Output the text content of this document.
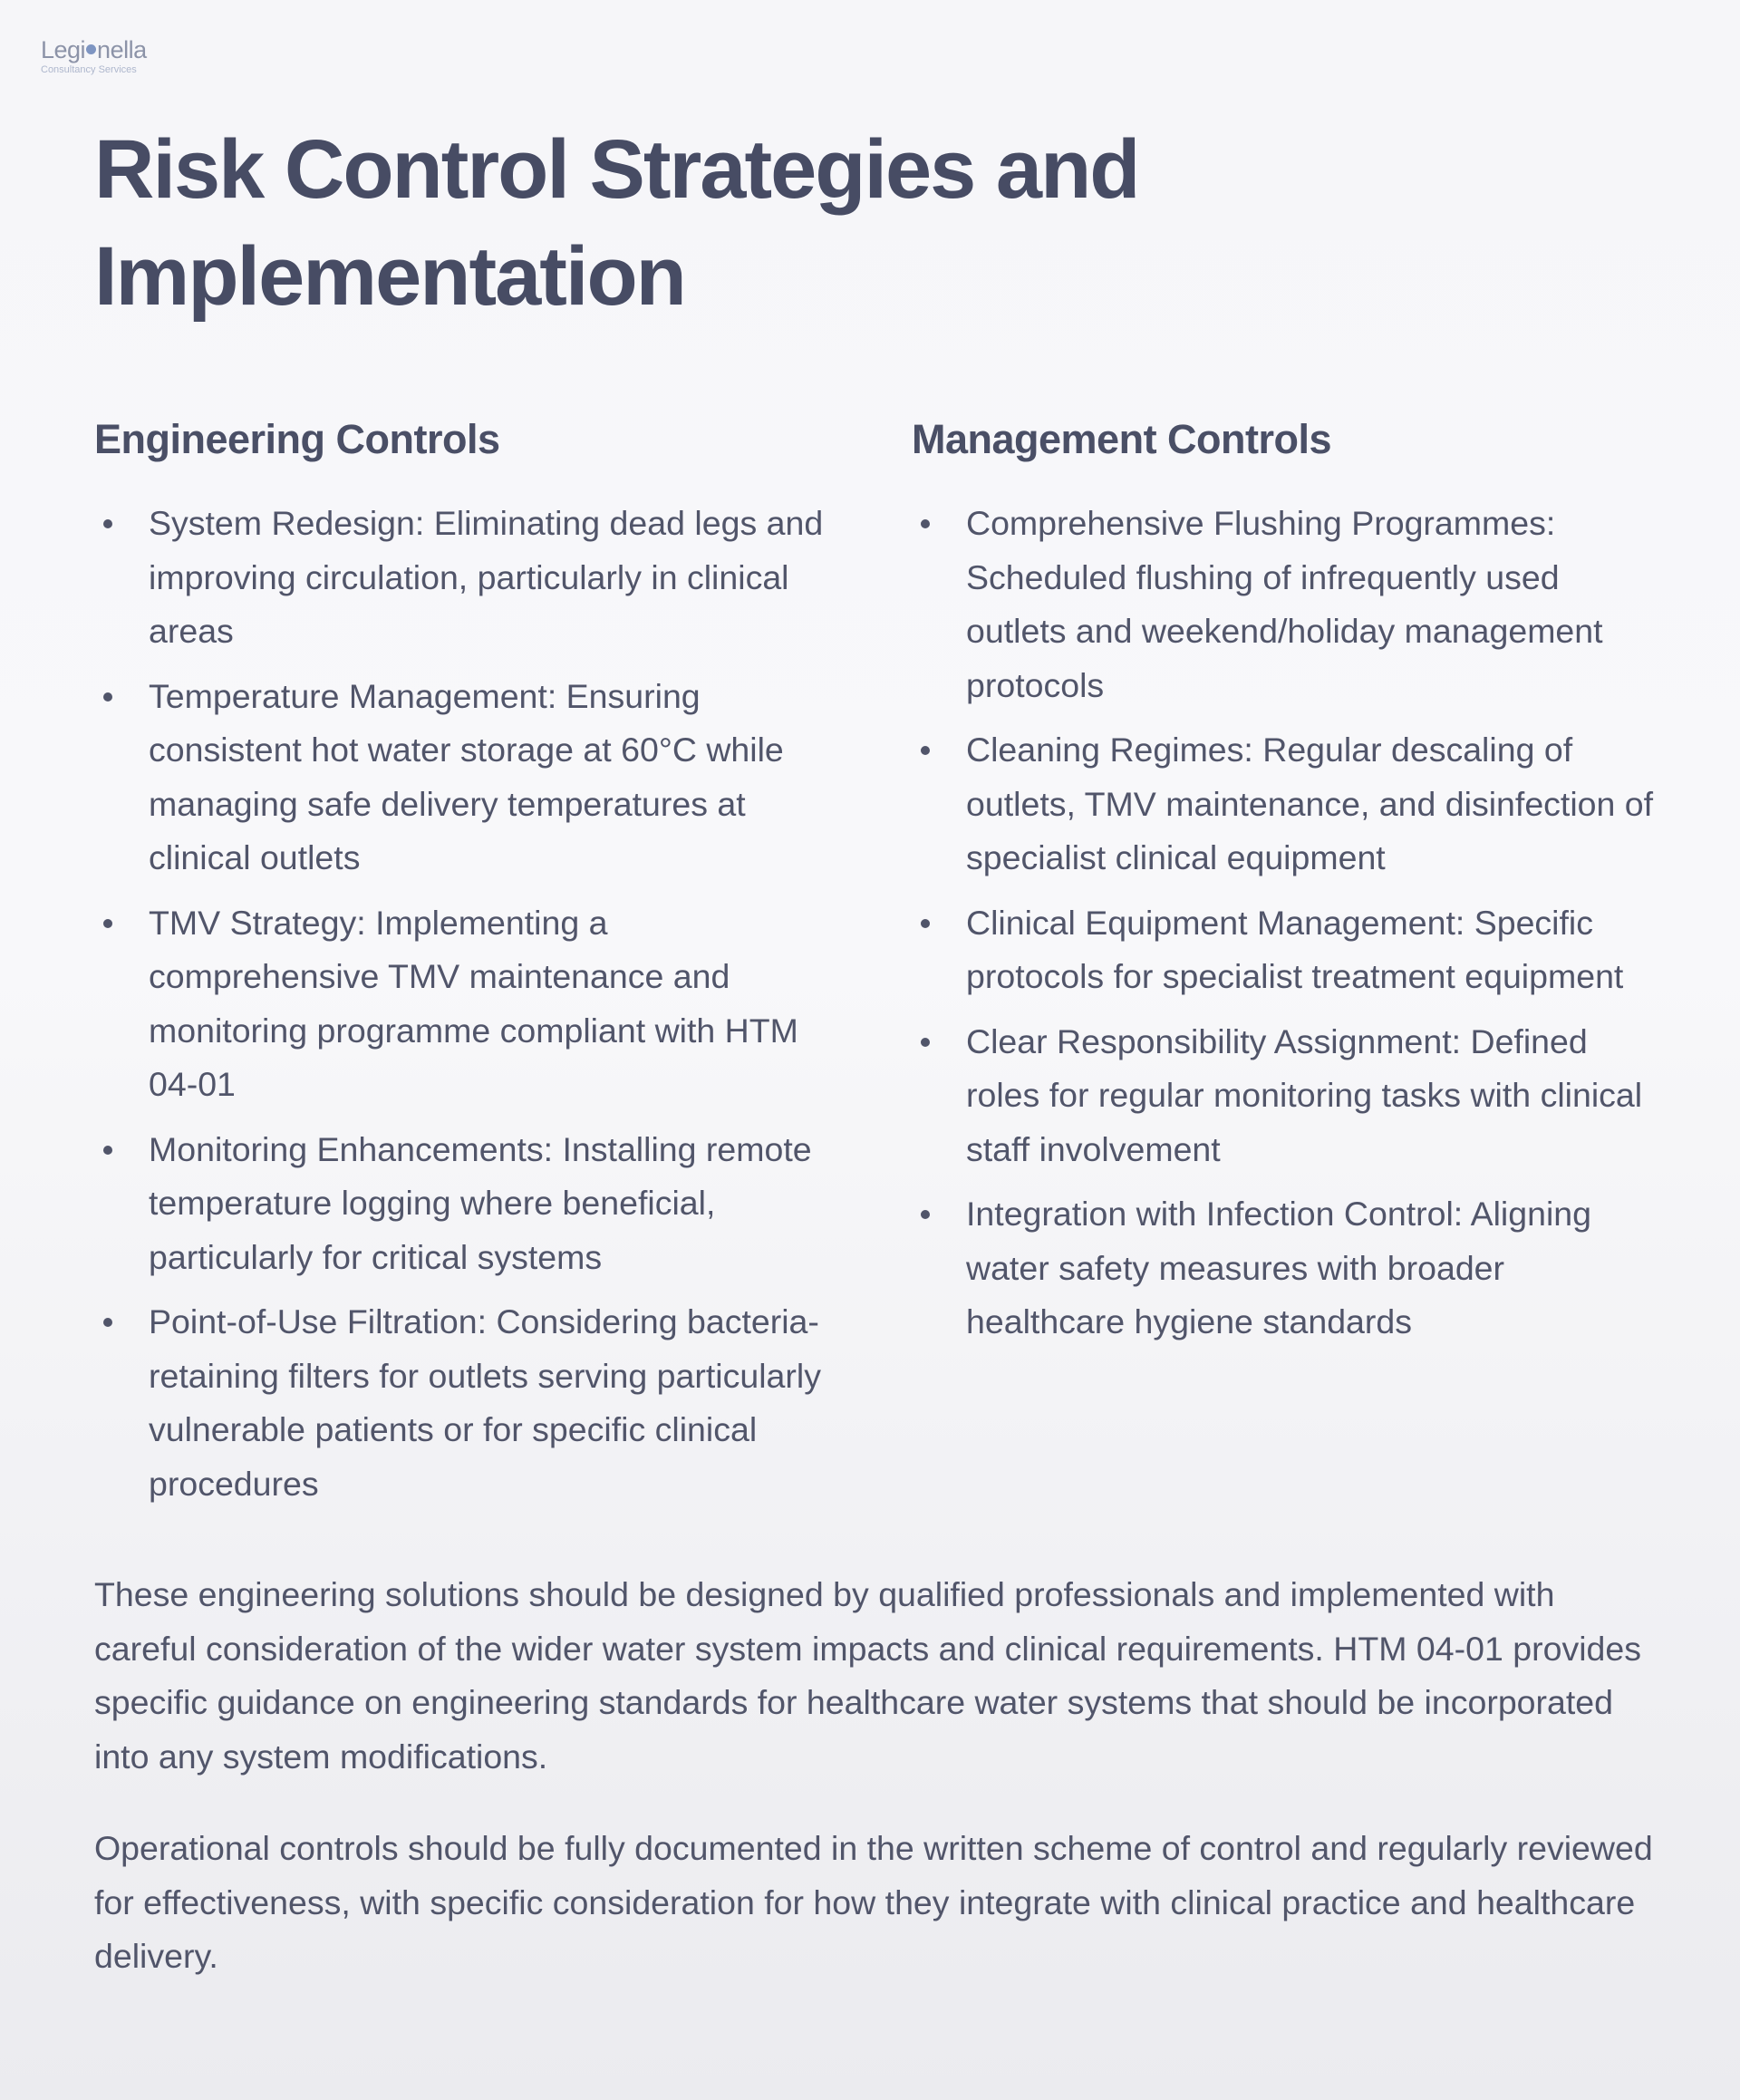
Legi nella
Consultancy Services
Risk Control Strategies and Implementation
Engineering Controls
System Redesign: Eliminating dead legs and improving circulation, particularly in clinical areas
Temperature Management: Ensuring consistent hot water storage at 60°C while managing safe delivery temperatures at clinical outlets
TMV Strategy: Implementing a comprehensive TMV maintenance and monitoring programme compliant with HTM 04-01
Monitoring Enhancements: Installing remote temperature logging where beneficial, particularly for critical systems
Point-of-Use Filtration: Considering bacteria-retaining filters for outlets serving particularly vulnerable patients or for specific clinical procedures
Management Controls
Comprehensive Flushing Programmes: Scheduled flushing of infrequently used outlets and weekend/holiday management protocols
Cleaning Regimes: Regular descaling of outlets, TMV maintenance, and disinfection of specialist clinical equipment
Clinical Equipment Management: Specific protocols for specialist treatment equipment
Clear Responsibility Assignment: Defined roles for regular monitoring tasks with clinical staff involvement
Integration with Infection Control: Aligning water safety measures with broader healthcare hygiene standards

These engineering solutions should be designed by qualified professionals and implemented with careful consideration of the wider water system impacts and clinical requirements. HTM 04-01 provides specific guidance on engineering standards for healthcare water systems that should be incorporated into any system modifications.

Operational controls should be fully documented in the written scheme of control and regularly reviewed for effectiveness, with specific consideration for how they integrate with clinical practice and healthcare delivery.
